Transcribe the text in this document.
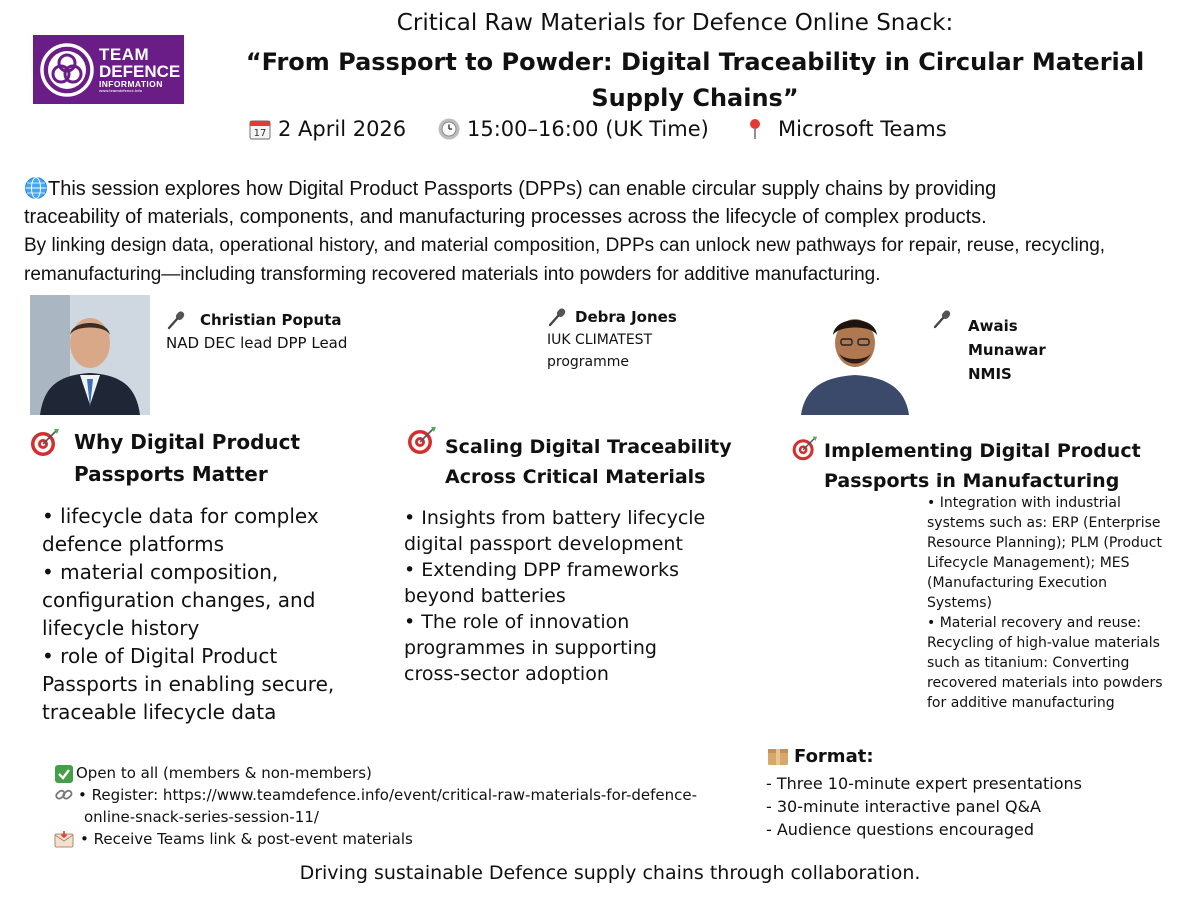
TEAM
DEFENCE
INFORMATION
www.teamdefence.info
Critical Raw Materials for Defence Online Snack:
“From Passport to Powder: Digital Traceability in Circular Material
Supply Chains”
17 2 April 2026	15:00–16:00 (UK Time)	Microsoft Teams
This session explores how Digital Product Passports (DPPs) can enable circular supply chains by providing
traceability of materials, components, and manufacturing processes across the lifecycle of complex products.
By linking design data, operational history, and material composition, DPPs can unlock new pathways for repair, reuse, recycling,
remanufacturing—including transforming recovered materials into powders for additive manufacturing.
Christian Poputa
NAD DEC lead DPP Lead
Debra Jones
IUK CLIMATEST
programme
Awais
Munawar
NMIS
Why Digital Product
Passports Matter
• lifecycle data for complex
defence platforms
• material composition,
configuration changes, and
lifecycle history
• role of Digital Product
Passports in enabling secure,
traceable lifecycle data
Scaling Digital Traceability
Across Critical Materials
• Insights from battery lifecycle
digital passport development
• Extending DPP frameworks
beyond batteries
• The role of innovation
programmes in supporting
cross-sector adoption
Implementing Digital Product
Passports in Manufacturing
• Integration with industrial
systems such as: ERP (Enterprise
Resource Planning); PLM (Product
Lifecycle Management); MES
(Manufacturing Execution
Systems)
• Material recovery and reuse:
Recycling of high-value materials
such as titanium: Converting
recovered materials into powders
for additive manufacturing
Open to all (members & non-members)
• Register: https://www.teamdefence.info/event/critical-raw-materials-for-defence-
online-snack-series-session-11/
• Receive Teams link & post-event materials
Format:
- Three 10-minute expert presentations
- 30-minute interactive panel Q&A
- Audience questions encouraged
Driving sustainable Defence supply chains through collaboration.
